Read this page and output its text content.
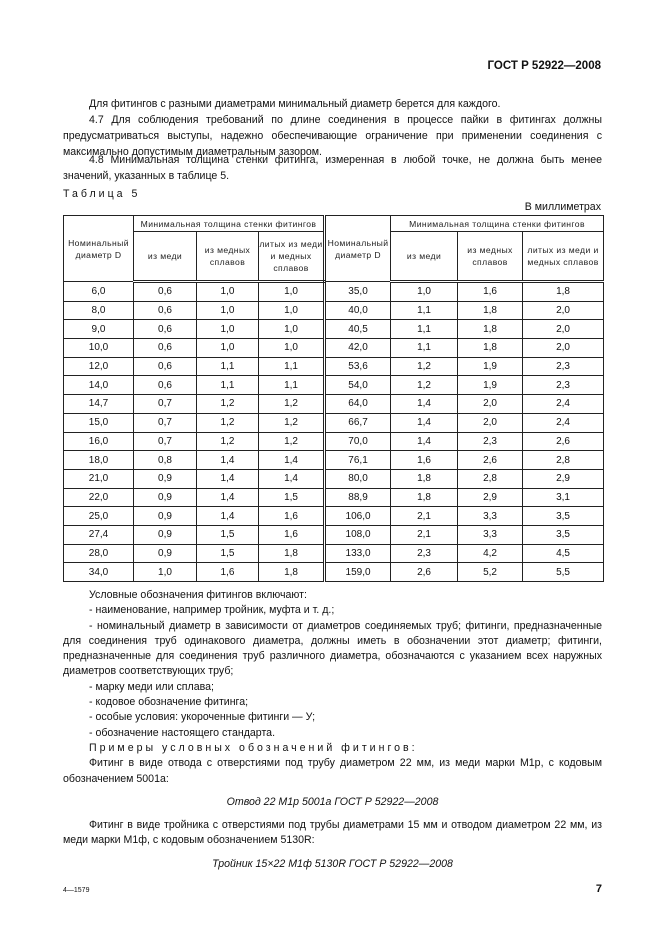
ГОСТ Р 52922—2008
Для фитингов с разными диаметрами минимальный диаметр берется для каждого.
4.7 Для соблюдения требований по длине соединения в процессе пайки в фитингах должны предусматриваться выступы, надежно обеспечивающие ограничение при применении соединения с максимально допустимым диаметральным зазором.
4.8 Минимальная толщина стенки фитинга, измеренная в любой точке, не должна быть менее значений, указанных в таблице 5.
Таблица 5
В миллиметрах
Номинальный диаметр D	Минимальная толщина стенки фитингов			Номинальный диаметр D	Минимальная толщина стенки фитингов		
	из меди	из медных сплавов	литых из меди и медных сплавов		из меди	из медных сплавов	литых из меди и медных сплавов
6,0	0,6	1,0	1,0	35,0	1,0	1,6	1,8
8,0	0,6	1,0	1,0	40,0	1,1	1,8	2,0
9,0	0,6	1,0	1,0	40,5	1,1	1,8	2,0
10,0	0,6	1,0	1,0	42,0	1,1	1,8	2,0
12,0	0,6	1,1	1,1	53,6	1,2	1,9	2,3
14,0	0,6	1,1	1,1	54,0	1,2	1,9	2,3
14,7	0,7	1,2	1,2	64,0	1,4	2,0	2,4
15,0	0,7	1,2	1,2	66,7	1,4	2,0	2,4
16,0	0,7	1,2	1,2	70,0	1,4	2,3	2,6
18,0	0,8	1,4	1,4	76,1	1,6	2,6	2,8
21,0	0,9	1,4	1,4	80,0	1,8	2,8	2,9
22,0	0,9	1,4	1,5	88,9	1,8	2,9	3,1
25,0	0,9	1,4	1,6	106,0	2,1	3,3	3,5
27,4	0,9	1,5	1,6	108,0	2,1	3,3	3,5
28,0	0,9	1,5	1,8	133,0	2,3	4,2	4,5
34,0	1,0	1,6	1,8	159,0	2,6	5,2	5,5
Условные обозначения фитингов включают:
- наименование, например тройник, муфта и т. д.;
- номинальный диаметр в зависимости от диаметров соединяемых труб; фитинги, предназначенные для соединения труб одинакового диаметра, должны иметь в обозначении этот диаметр; фитинги, предназначенные для соединения труб различного диаметра, обозначаются с указанием всех наружных диаметров соответствующих труб;
- марку меди или сплава;
- кодовое обозначение фитинга;
- особые условия: укороченные фитинги — У;
- обозначение настоящего стандарта.
Примеры условных обозначений фитингов:
Фитинг в виде отвода с отверстиями под трубу диаметром 22 мм, из меди марки М1р, с кодовым обозначением 5001а:
Отвод 22 М1р 5001а ГОСТ Р 52922—2008
Фитинг в виде тройника с отверстиями под трубы диаметрами 15 мм и отводом диаметром 22 мм, из меди марки М1ф, с кодовым обозначением 5130R:
Тройник 15×22 М1ф 5130R ГОСТ Р 52922—2008
4—1579	7
